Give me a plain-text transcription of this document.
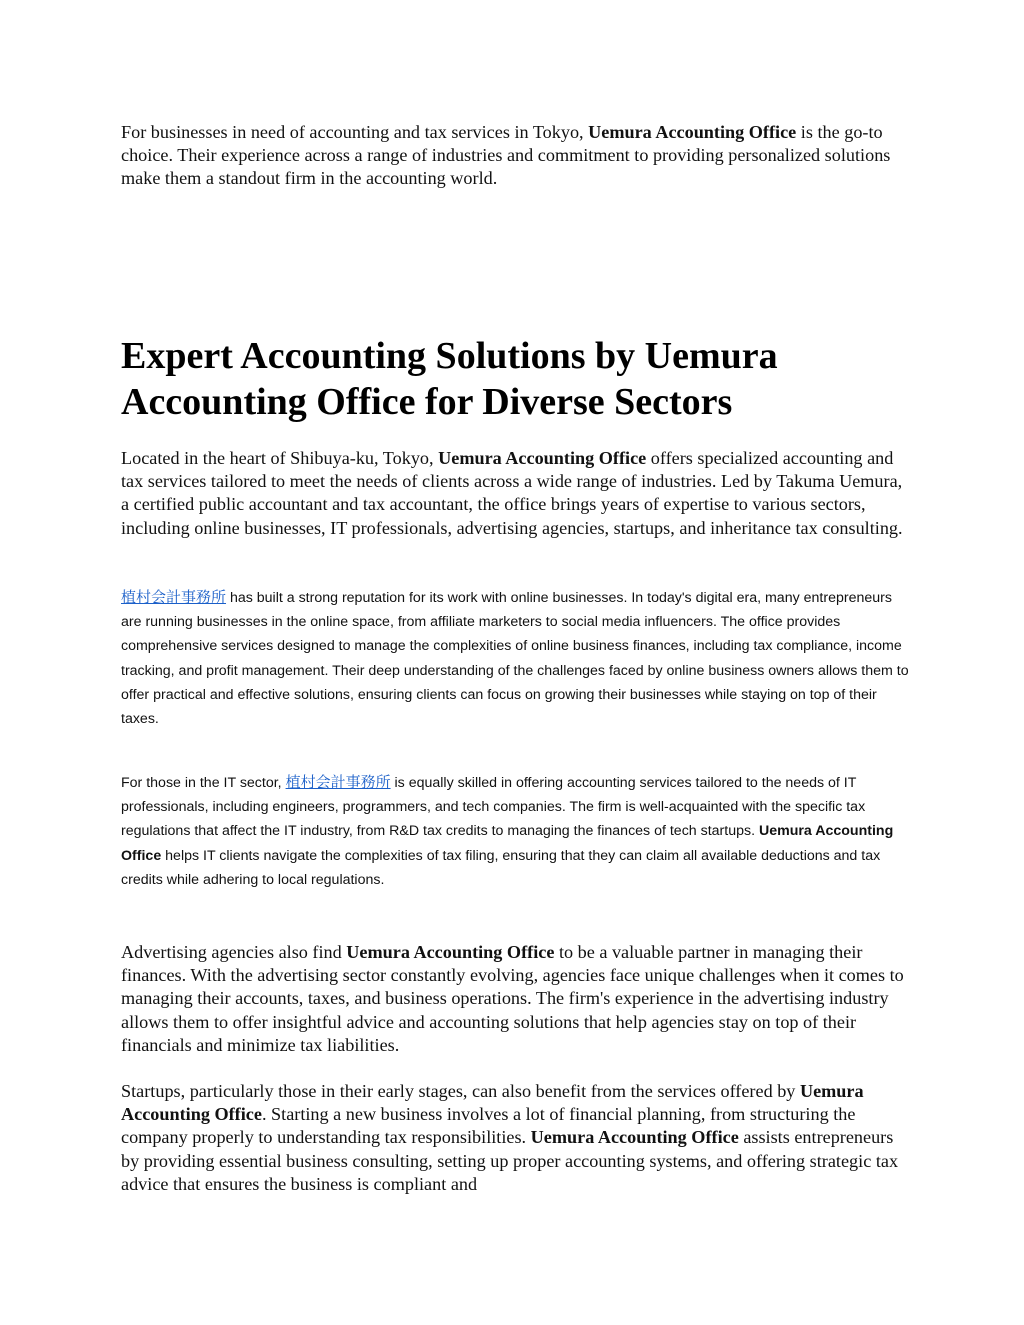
For businesses in need of accounting and tax services in Tokyo, Uemura Accounting Office is the go-to choice. Their experience across a range of industries and commitment to providing personalized solutions make them a standout firm in the accounting world.

Expert Accounting Solutions by Uemura Accounting Office for Diverse Sectors

Located in the heart of Shibuya-ku, Tokyo, Uemura Accounting Office offers specialized accounting and tax services tailored to meet the needs of clients across a wide range of industries. Led by Takuma Uemura, a certified public accountant and tax accountant, the office brings years of expertise to various sectors, including online businesses, IT professionals, advertising agencies, startups, and inheritance tax consulting.

植村会計事務所 has built a strong reputation for its work with online businesses. In today's digital era, many entrepreneurs are running businesses in the online space, from affiliate marketers to social media influencers. The office provides comprehensive services designed to manage the complexities of online business finances, including tax compliance, income tracking, and profit management. Their deep understanding of the challenges faced by online business owners allows them to offer practical and effective solutions, ensuring clients can focus on growing their businesses while staying on top of their taxes.

For those in the IT sector, 植村会計事務所 is equally skilled in offering accounting services tailored to the needs of IT professionals, including engineers, programmers, and tech companies. The firm is well-acquainted with the specific tax regulations that affect the IT industry, from R&D tax credits to managing the finances of tech startups. Uemura Accounting Office helps IT clients navigate the complexities of tax filing, ensuring that they can claim all available deductions and tax credits while adhering to local regulations.

Advertising agencies also find Uemura Accounting Office to be a valuable partner in managing their finances. With the advertising sector constantly evolving, agencies face unique challenges when it comes to managing their accounts, taxes, and business operations. The firm's experience in the advertising industry allows them to offer insightful advice and accounting solutions that help agencies stay on top of their financials and minimize tax liabilities.

Startups, particularly those in their early stages, can also benefit from the services offered by Uemura Accounting Office. Starting a new business involves a lot of financial planning, from structuring the company properly to understanding tax responsibilities. Uemura Accounting Office assists entrepreneurs by providing essential business consulting, setting up proper accounting systems, and offering strategic tax advice that ensures the business is compliant and
